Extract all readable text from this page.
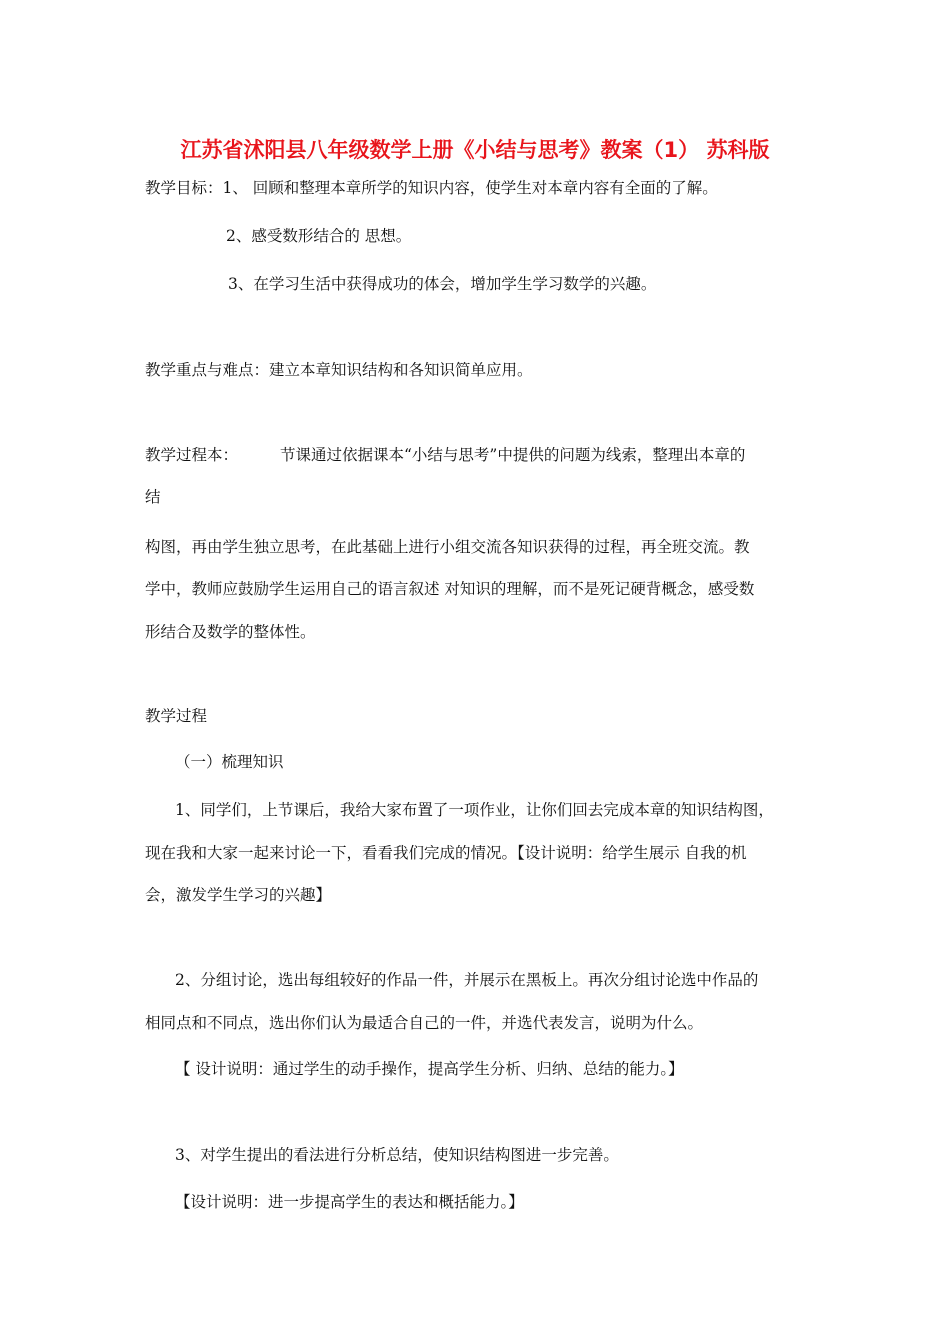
江苏省沭阳县八年级数学上册《小结与思考》教案（1） 苏科版
教学目标：1、 回顾和整理本章所学的知识内容，使学生对本章内容有全面的了解。
2、感受数形结合的 思想。
3、在学习生活中获得成功的体会，增加学生学习数学的兴趣。
教学重点与难点：建立本章知识结构和各知识简单应用。
教学过程本：	节课通过依据课本“小结与思考”中提供的问题为线索，整理出本章的
结
构图，再由学生独立思考，在此基础上进行小组交流各知识获得的过程，再全班交流。教
学中，教师应鼓励学生运用自己的语言叙述 对知识的理解，而不是死记硬背概念，感受数
形结合及数学的整体性。
教学过程
（一）梳理知识
1、同学们，上节课后，我给大家布置了一项作业，让你们回去完成本章的知识结构图，
现在我和大家一起来讨论一下，看看我们完成的情况。【设计说明：给学生展示 自我的机
会，激发学生学习的兴趣】
2、分组讨论，选出每组较好的作品一件，并展示在黑板上。再次分组讨论选中作品的
相同点和不同点，选出你们认为最适合自己的一件，并选代表发言，说明为什么。
【 设计说明：通过学生的动手操作，提高学生分析、归纳、总结的能力。】
3、对学生提出的看法进行分析总结，使知识结构图进一步完善。
【设计说明：进一步提高学生的表达和概括能力。】
